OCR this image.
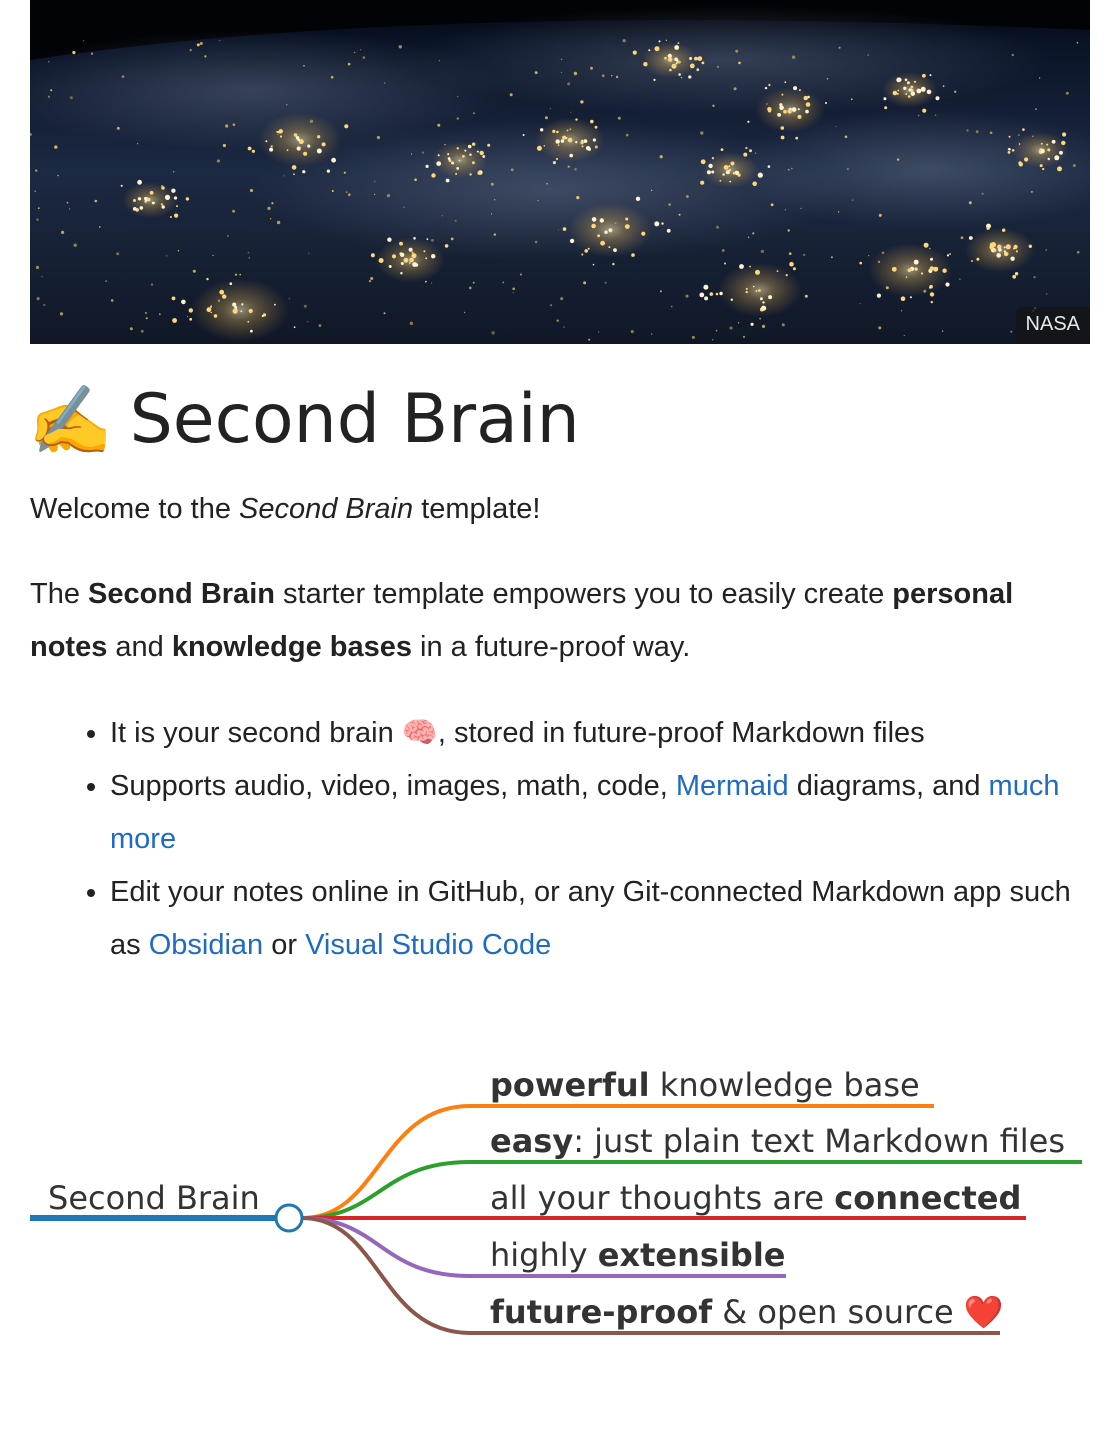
NASA
✍️ Second Brain

Welcome to the Second Brain template!

The Second Brain starter template empowers you to easily create personal notes and knowledge bases in a future-proof way.

• It is your second brain 🧠, stored in future-proof Markdown files
• Supports audio, video, images, math, code, Mermaid diagrams, and much more
• Edit your notes online in GitHub, or any Git-connected Markdown app such as Obsidian or Visual Studio Code
Second Brain
powerful knowledge base
easy: just plain text Markdown files
all your thoughts are connected
highly extensible
future-proof & open source ❤️
